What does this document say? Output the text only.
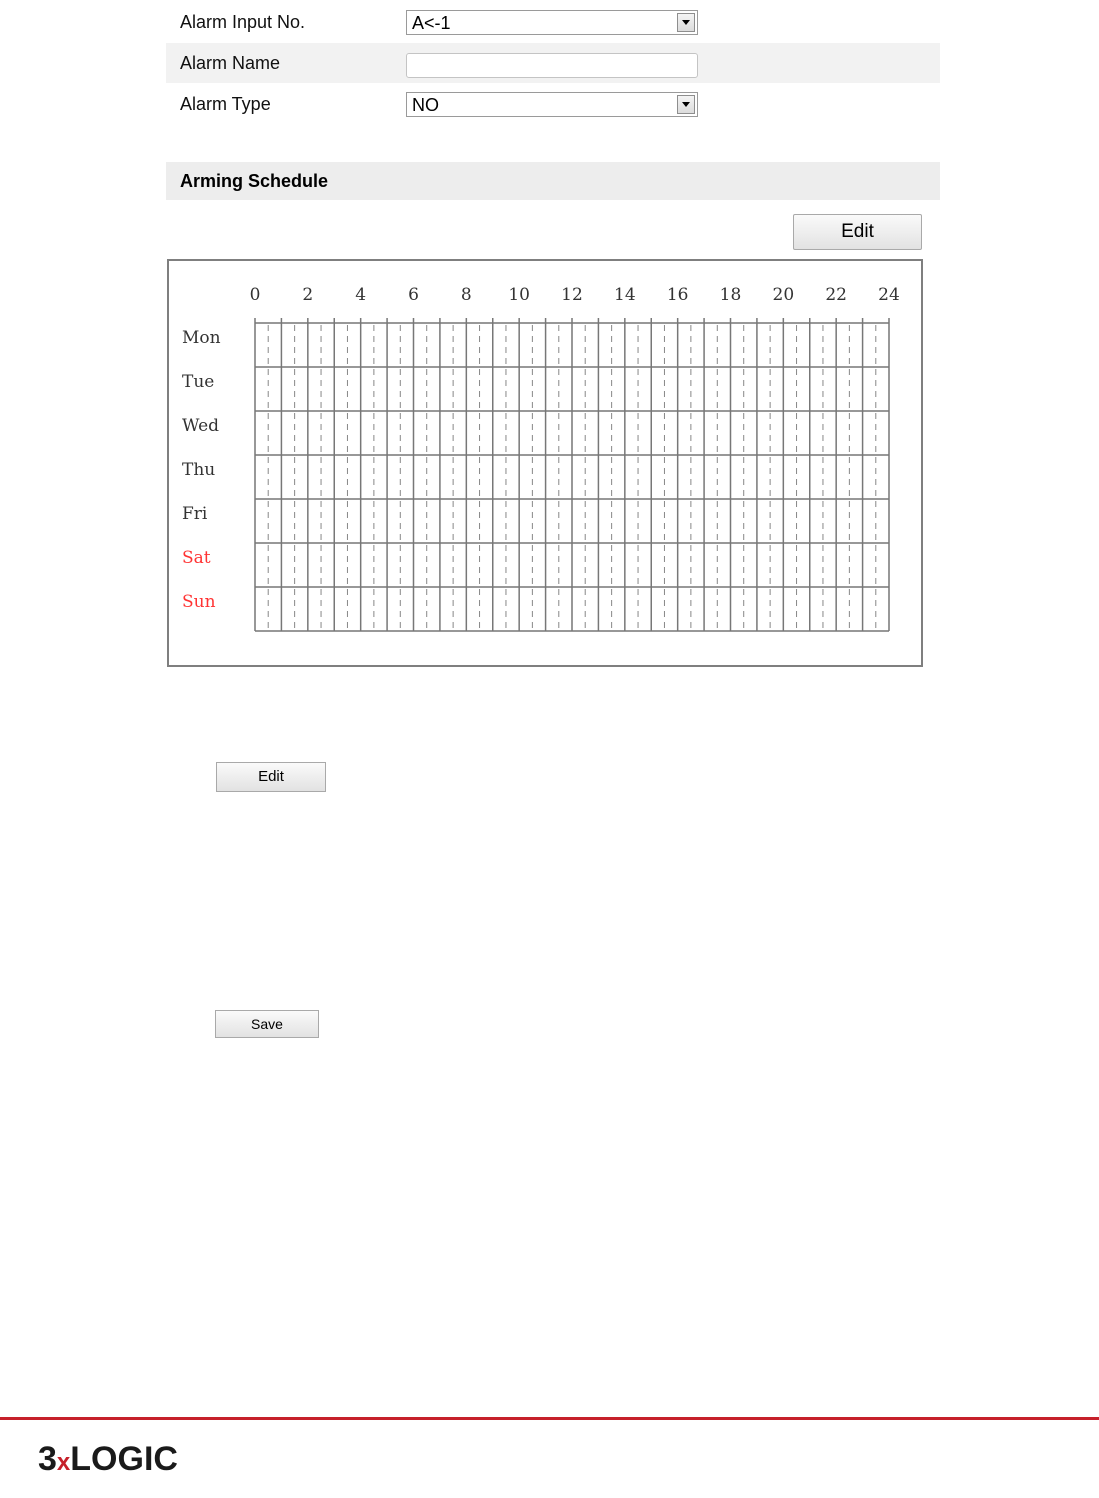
Alarm Input No.	A<-1
Alarm Name
Alarm Type	NO
Arming Schedule
Edit
0 2 4 6 8 10 12 14 16 18 20 22 24
Mon
Tue
Wed
Thu
Fri
Sat
Sun
Edit
Save
3xLOGIC
